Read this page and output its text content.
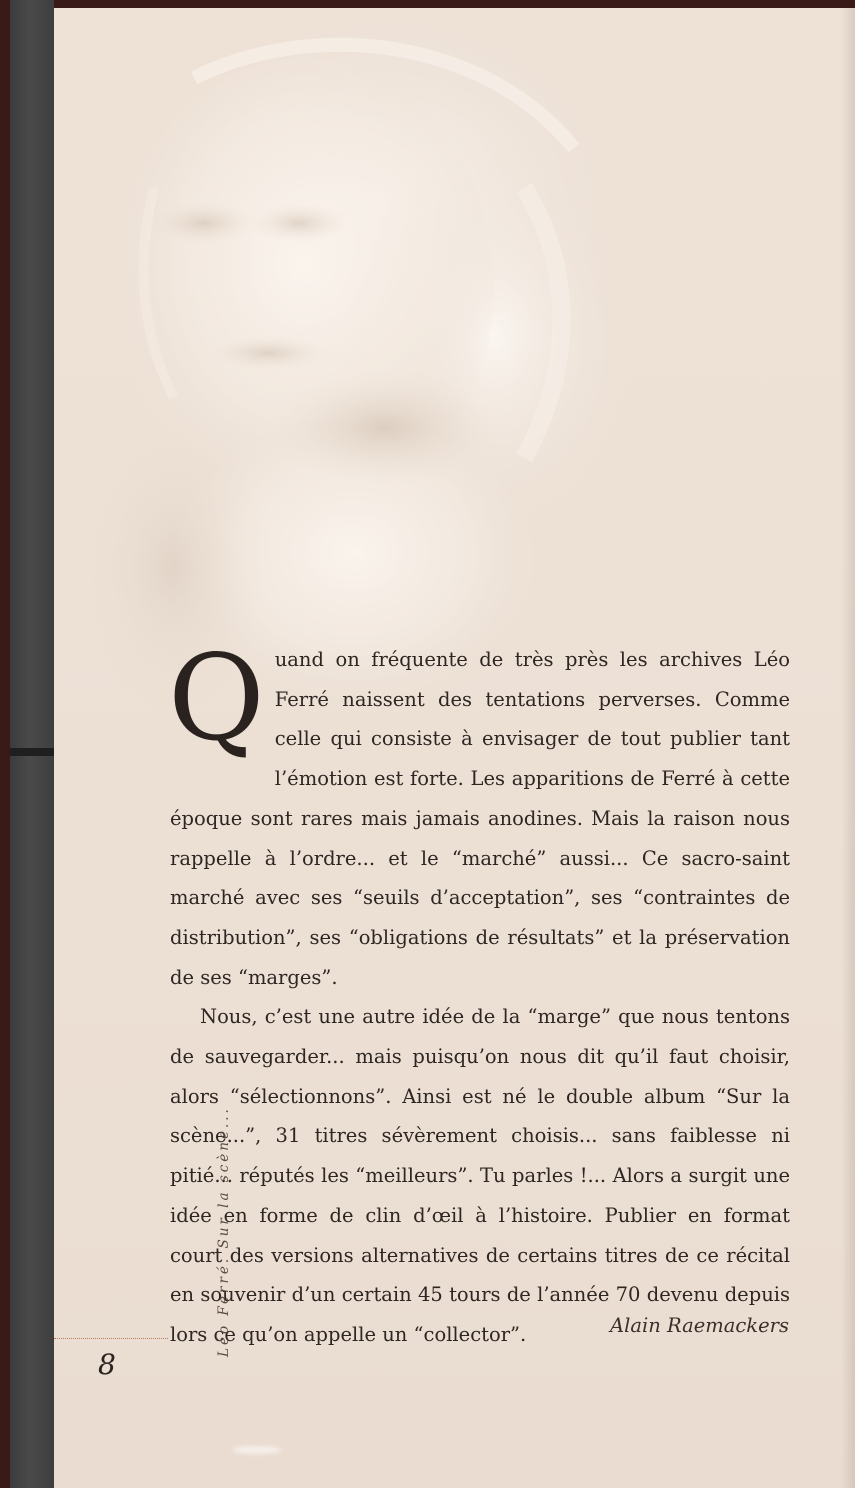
Quand on fréquente de très près les archives Léo Ferré naissent des tentations perverses. Comme celle qui consiste à envisager de tout publier tant l’émotion est forte. Les apparitions de Ferré à cette époque sont rares mais jamais anodines. Mais la raison nous rappelle à l’ordre... et le “marché” aussi... Ce sacro-saint marché avec ses “seuils d’acceptation”, ses “contraintes de distribution”, ses “obligations de résultats” et la préservation de ses “marges”.

Nous, c’est une autre idée de la “marge” que nous tentons de sauvegarder... mais puisqu’on nous dit qu’il faut choisir, alors “sélectionnons”. Ainsi est né le double album “Sur la scène...”, 31 titres sévèrement choisis... sans faiblesse ni pitié... réputés les “meilleurs”. Tu parles !... Alors a surgit une idée en forme de clin d’œil à l’histoire. Publier en format court des versions alternatives de certains titres de ce récital en souvenir d’un certain 45 tours de l’année 70 devenu depuis lors ce qu’on appelle un “collector”.	Alain Raemackers
Léo Ferré. Sur la scène...
8
